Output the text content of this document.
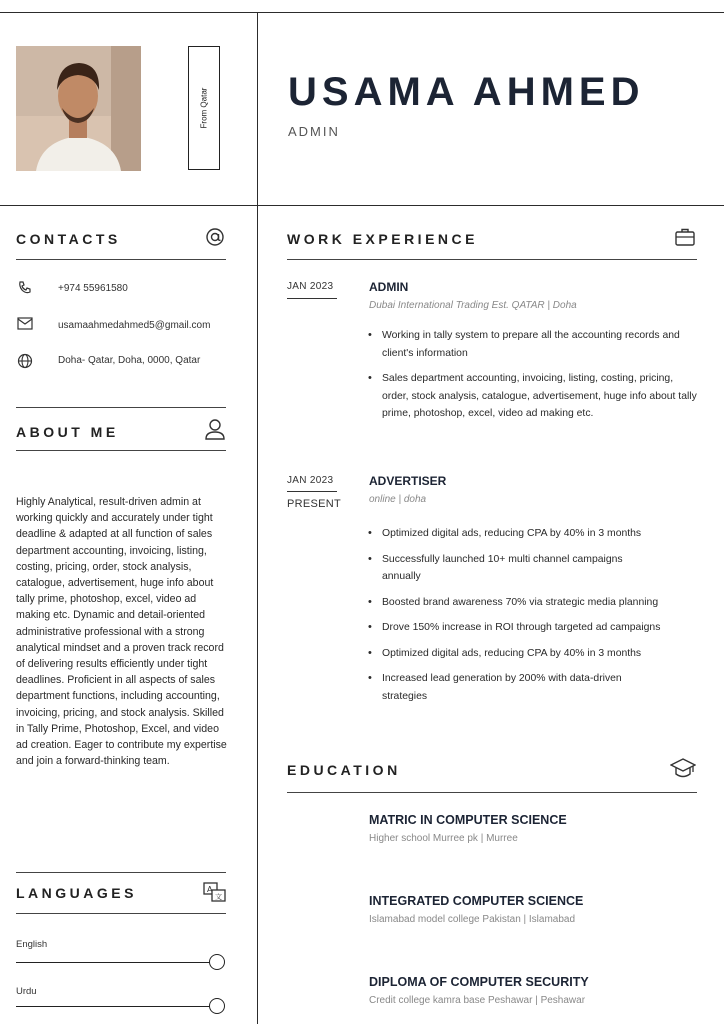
From Qatar USAMA AHMED
ADMIN
CONTACTS
+974 55961580
usamaahmedahmed5@gmail.com
Doha- Qatar, Doha, 0000, Qatar
ABOUT ME
Highly Analytical, result-driven admin at working quickly and accurately under tight deadline & adapted at all function of sales department accounting, invoicing, listing, costing, pricing, order, stock analysis, catalogue, advertisement, huge info about tally prime, photoshop, excel, video ad making etc. Dynamic and detail-oriented administrative professional with a strong analytical mindset and a proven track record of delivering results efficiently under tight deadlines. Proficient in all aspects of sales department functions, including accounting, invoicing, pricing, and stock analysis. Skilled in Tally Prime, Photoshop, Excel, and video ad creation. Eager to contribute my expertise and join a forward-thinking team.
LANGUAGES	A
文
English
Urdu
WORK EXPERIENCE
JAN 2023	ADMIN
Dubai International Trading Est. QATAR | Doha
• Working in tally system to prepare all the accounting records and client's information
• Sales department accounting, invoicing, listing, costing, pricing, order, stock analysis, catalogue, advertisement, huge info about tally prime, photoshop, excel, video ad making etc.
JAN 2023
PRESENT
ADVERTISER
online | doha
• Optimized digital ads, reducing CPA by 40% in 3 months
• Successfully launched 10+ multi channel campaigns annually
• Boosted brand awareness 70% via strategic media planning
• Drove 150% increase in ROI through targeted ad campaigns
• Optimized digital ads, reducing CPA by 40% in 3 months
• Increased lead generation by 200% with data-driven strategies
EDUCATION
MATRIC IN COMPUTER SCIENCE
Higher school Murree pk | Murree
INTEGRATED COMPUTER SCIENCE
Islamabad model college Pakistan | Islamabad
DIPLOMA OF COMPUTER SECURITY
Credit college kamra base Peshawar | Peshawar
